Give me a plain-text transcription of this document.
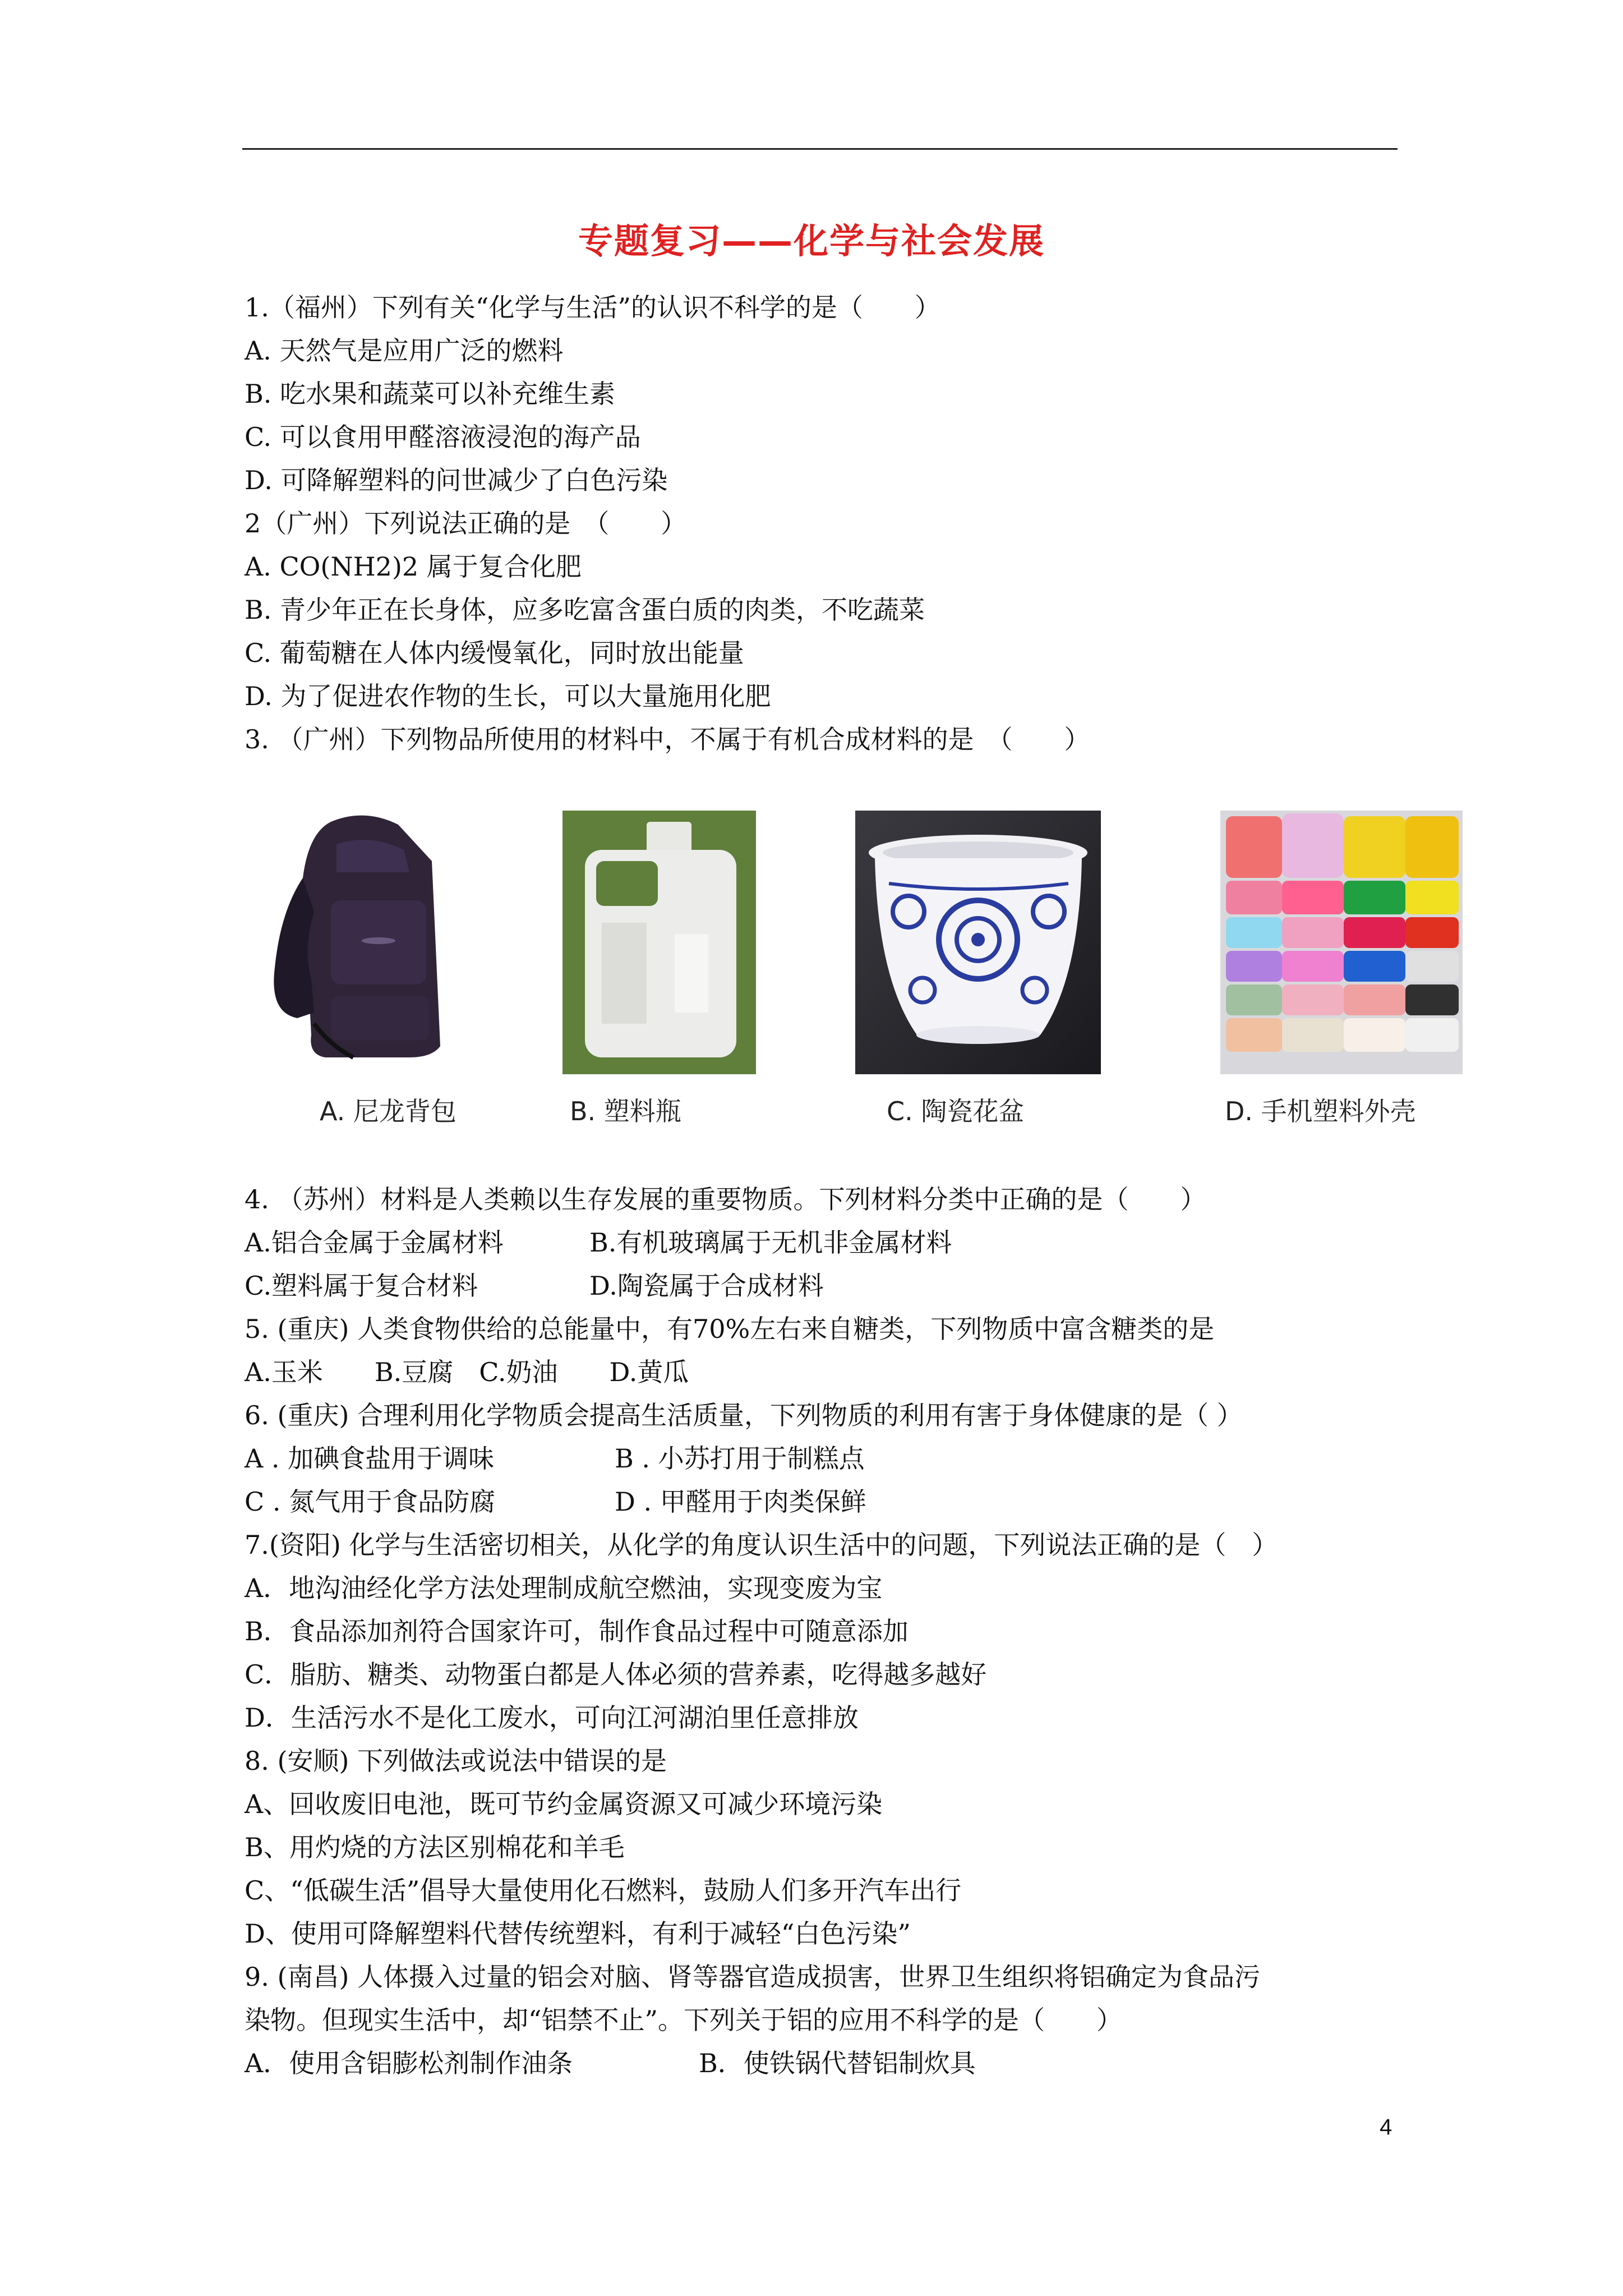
专题复习——化学与社会发展
1.（福州）下列有关“化学与生活”的认识不科学的是（　　）
A. 天然气是应用广泛的燃料
B. 吃水果和蔬菜可以补充维生素
C. 可以食用甲醛溶液浸泡的海产品
D. 可降解塑料的问世减少了白色污染
2（广州）下列说法正确的是　（　　）
A. CO(NH2)2 属于复合化肥
B. 青少年正在长身体，应多吃富含蛋白质的肉类，不吃蔬菜
C. 葡萄糖在人体内缓慢氧化，同时放出能量
D. 为了促进农作物的生长，可以大量施用化肥
3. （广州）下列物品所使用的材料中，不属于有机合成材料的是　（　　）
A. 尼龙背包	B. 塑料瓶	C. 陶瓷花盆	D. 手机塑料外壳
4. （苏州）材料是人类赖以生存发展的重要物质。下列材料分类中正确的是（　　）
A.铝合金属于金属材料	B.有机玻璃属于无机非金属材料
C.塑料属于复合材料	D.陶瓷属于合成材料
5. (重庆) 人类食物供给的总能量中，有70%左右来自糖类，下列物质中富含糖类的是
A.玉米　　B.豆腐　C.奶油　　D.黄瓜
6. (重庆) 合理利用化学物质会提高生活质量，下列物质的利用有害于身体健康的是（ ）
A . 加碘食盐用于调味	B . 小苏打用于制糕点
C . 氮气用于食品防腐	D . 甲醛用于肉类保鲜
7.(资阳) 化学与生活密切相关，从化学的角度认识生活中的问题，下列说法正确的是（　）
A．地沟油经化学方法处理制成航空燃油，实现变废为宝
B．食品添加剂符合国家许可，制作食品过程中可随意添加
C．脂肪、糖类、动物蛋白都是人体必须的营养素，吃得越多越好
D．生活污水不是化工废水，可向江河湖泊里任意排放
8. (安顺) 下列做法或说法中错误的是
A、回收废旧电池，既可节约金属资源又可减少环境污染
B、用灼烧的方法区别棉花和羊毛
C、“低碳生活”倡导大量使用化石燃料，鼓励人们多开汽车出行
D、使用可降解塑料代替传统塑料，有利于减轻“白色污染”
9. (南昌) 人体摄入过量的铝会对脑、肾等器官造成损害，世界卫生组织将铝确定为食品污
染物。但现实生活中，却“铝禁不止”。下列关于铝的应用不科学的是（　　）
A．使用含铝膨松剂制作油条	B．使铁锅代替铝制炊具
4
